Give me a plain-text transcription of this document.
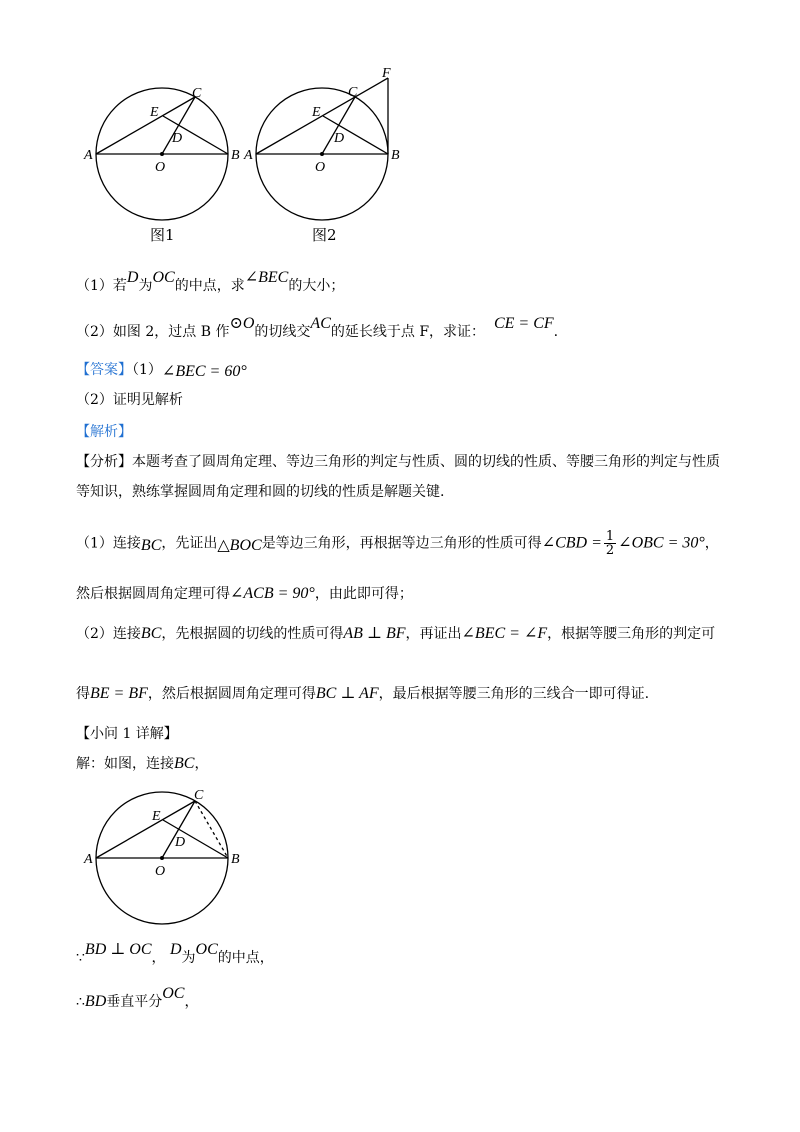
A	B
C
D
E
O
图1
A	B
C
D
E
O
F
图2
（1）若D为OC的中点，求∠BEC的大小；
（2）如图 2，过点 B 作⊙O的切线交AC的延长线于点 F，求证： CE = CF.
【答案】（1）∠BEC = 60°
（2）证明见解析
【解析】
【分析】本题考查了圆周角定理、等边三角形的判定与性质、圆的切线的性质、等腰三角形的判定与性质
等知识，熟练掌握圆周角定理和圆的切线的性质是解题关键.
（1）连接BC，先证出△BOC是等边三角形，再根据等边三角形的性质可得∠CBD = $\frac{1}{2}$ ∠OBC = 30°，
然后根据圆周角定理可得∠ACB = 90°，由此即可得；
（2）连接BC，先根据圆的切线的性质可得AB ⊥ BF，再证出∠BEC = ∠F，根据等腰三角形的判定可
得BE = BF，然后根据圆周角定理可得BC ⊥ AF，最后根据等腰三角形的三线合一即可得证.
【小问 1 详解】
解：如图，连接BC，
A	B
C
D
E
O
∵BD ⊥ OC， D为OC的中点，
∴BD垂直平分OC，
